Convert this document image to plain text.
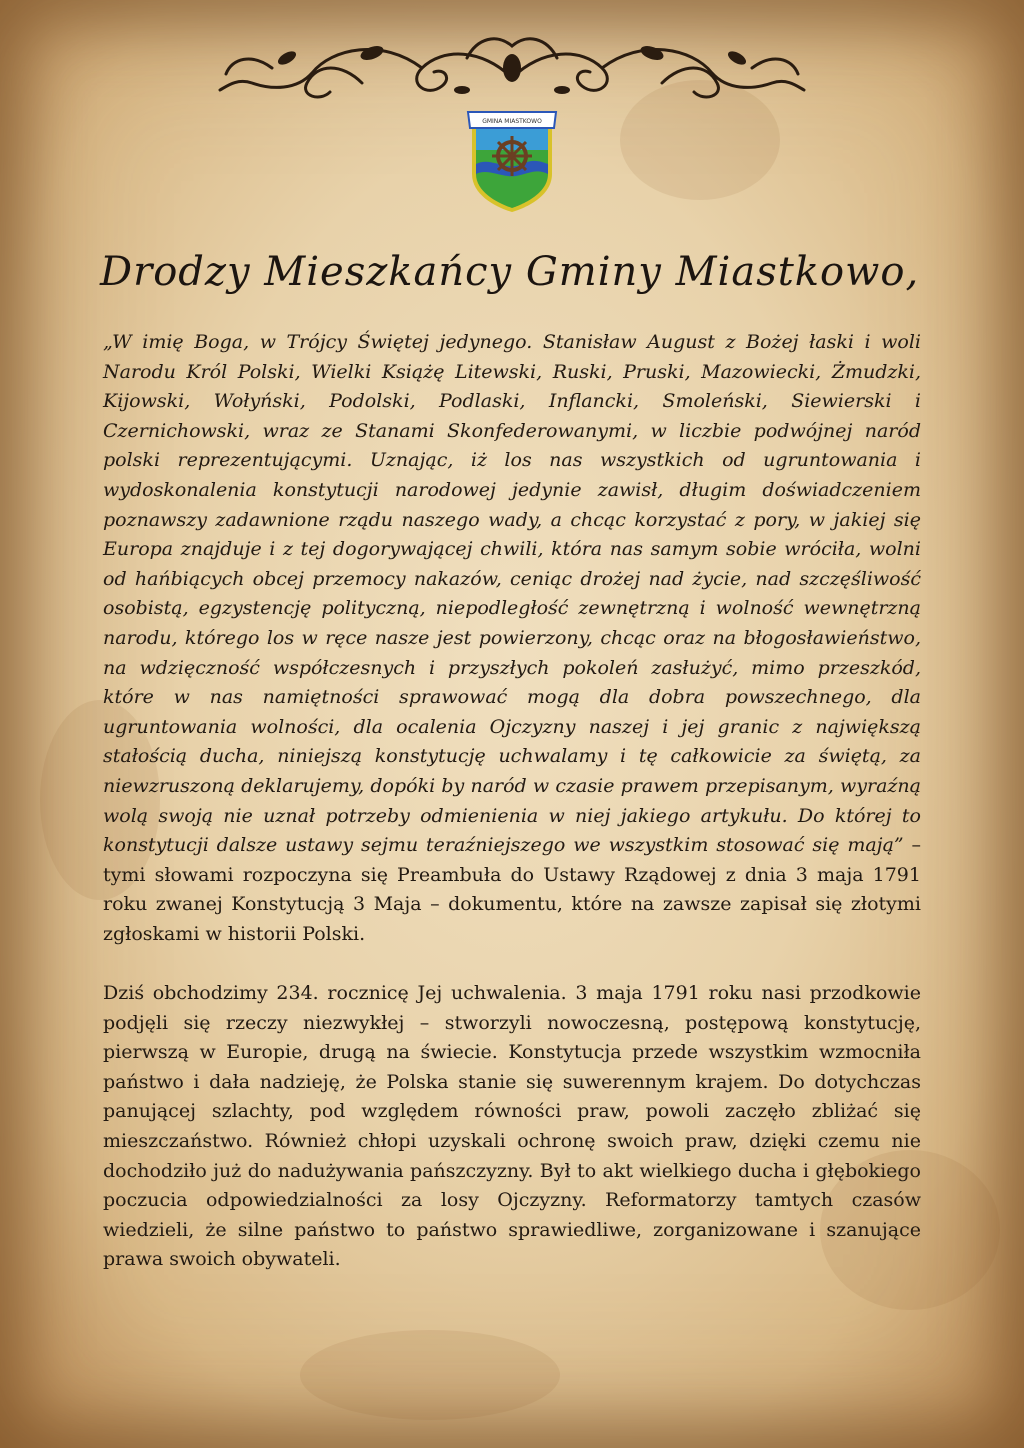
GMINA MIASTKOWO
Drodzy Mieszkańcy Gminy Miastkowo,

„W imię Boga, w Trójcy Świętej jedynego. Stanisław August z Bożej łaski i woli Narodu Król Polski, Wielki Książę Litewski, Ruski, Pruski, Mazowiecki, Żmudzki, Kijowski, Wołyński, Podolski, Podlaski, Inflancki, Smoleński, Siewierski i Czernichowski, wraz ze Stanami Skonfederowanymi, w liczbie podwójnej naród polski reprezentującymi. Uznając, iż los nas wszystkich od ugruntowania i wydoskonalenia konstytucji narodowej jedynie zawisł, długim doświadczeniem poznawszy zadawnione rządu naszego wady, a chcąc korzystać z pory, w jakiej się Europa znajduje i z tej dogorywającej chwili, która nas samym sobie wróciła, wolni od hańbiących obcej przemocy nakazów, ceniąc drożej nad życie, nad szczęśliwość osobistą, egzystencję polityczną, niepodległość zewnętrzną i wolność wewnętrzną narodu, którego los w ręce nasze jest powierzony, chcąc oraz na błogosławieństwo, na wdzięczność współczesnych i przyszłych pokoleń zasłużyć, mimo przeszkód, które w nas namiętności sprawować mogą dla dobra powszechnego, dla ugruntowania wolności, dla ocalenia Ojczyzny naszej i jej granic z największą stałością ducha, niniejszą konstytucję uchwalamy i tę całkowicie za świętą, za niewzruszoną deklarujemy, dopóki by naród w czasie prawem przepisanym, wyraźną wolą swoją nie uznał potrzeby odmienienia w niej jakiego artykułu. Do której to konstytucji dalsze ustawy sejmu teraźniejszego we wszystkim stosować się mają” – tymi słowami rozpoczyna się Preambuła do Ustawy Rządowej z dnia 3 maja 1791 roku zwanej Konstytucją 3 Maja – dokumentu, które na zawsze zapisał się złotymi zgłoskami w historii Polski.

Dziś obchodzimy 234. rocznicę Jej uchwalenia. 3 maja 1791 roku nasi przodkowie podjęli się rzeczy niezwykłej – stworzyli nowoczesną, postępową konstytucję, pierwszą w Europie, drugą na świecie. Konstytucja przede wszystkim wzmocniła państwo i dała nadzieję, że Polska stanie się suwerennym krajem. Do dotychczas panującej szlachty, pod względem równości praw, powoli zaczęło zbliżać się mieszczaństwo. Również chłopi uzyskali ochronę swoich praw, dzięki czemu nie dochodziło już do nadużywania pańszczyzny. Był to akt wielkiego ducha i głębokiego poczucia odpowiedzialności za losy Ojczyzny. Reformatorzy tamtych czasów wiedzieli, że silne państwo to państwo sprawiedliwe, zorganizowane i szanujące prawa swoich obywateli.
